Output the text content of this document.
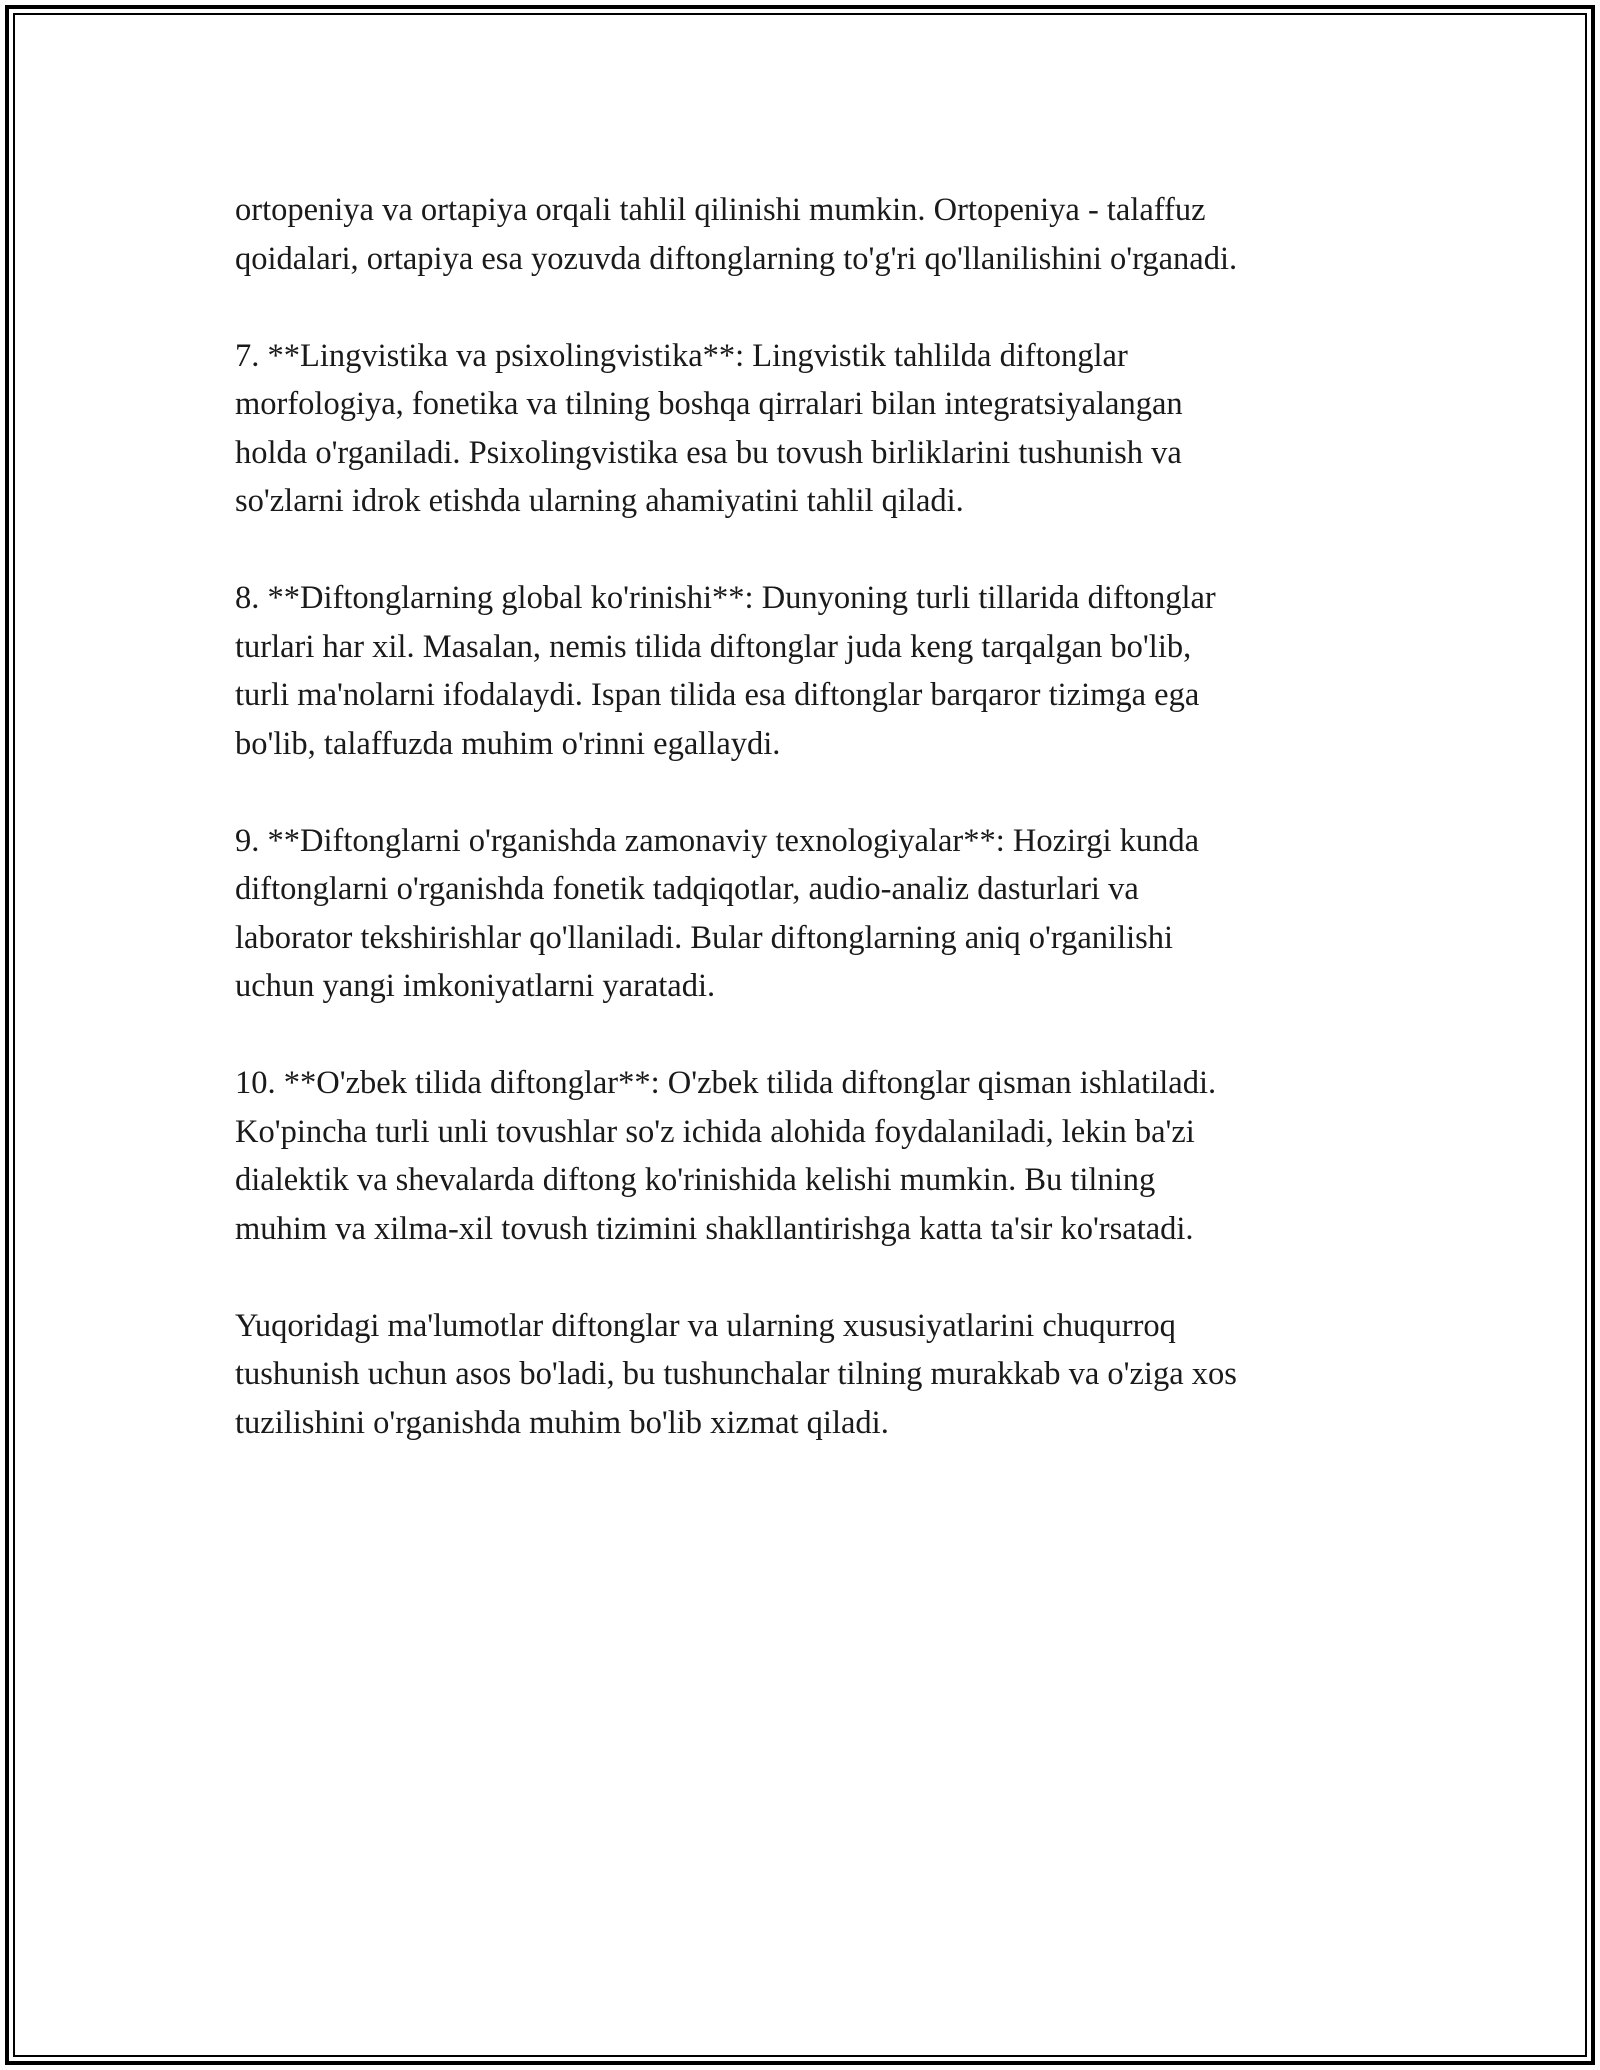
ortopeniya va ortapiya orqali tahlil qilinishi mumkin. Ortopeniya - talaffuz
qoidalari, ortapiya esa yozuvda diftonglarning to'g'ri qo'llanilishini o'rganadi.

7. **Lingvistika va psixolingvistika**: Lingvistik tahlilda diftonglar
morfologiya, fonetika va tilning boshqa qirralari bilan integratsiyalangan
holda o'rganiladi. Psixolingvistika esa bu tovush birliklarini tushunish va
so'zlarni idrok etishda ularning ahamiyatini tahlil qiladi.

8. **Diftonglarning global ko'rinishi**: Dunyoning turli tillarida diftonglar
turlari har xil. Masalan, nemis tilida diftonglar juda keng tarqalgan bo'lib,
turli ma'nolarni ifodalaydi. Ispan tilida esa diftonglar barqaror tizimga ega
bo'lib, talaffuzda muhim o'rinni egallaydi.

9. **Diftonglarni o'rganishda zamonaviy texnologiyalar**: Hozirgi kunda
diftonglarni o'rganishda fonetik tadqiqotlar, audio-analiz dasturlari va
laborator tekshirishlar qo'llaniladi. Bular diftonglarning aniq o'rganilishi
uchun yangi imkoniyatlarni yaratadi.

10. **O'zbek tilida diftonglar**: O'zbek tilida diftonglar qisman ishlatiladi.
Ko'pincha turli unli tovushlar so'z ichida alohida foydalaniladi, lekin ba'zi
dialektik va shevalarda diftong ko'rinishida kelishi mumkin. Bu tilning
muhim va xilma-xil tovush tizimini shakllantirishga katta ta'sir ko'rsatadi.

Yuqoridagi ma'lumotlar diftonglar va ularning xususiyatlarini chuqurroq
tushunish uchun asos bo'ladi, bu tushunchalar tilning murakkab va o'ziga xos
tuzilishini o'rganishda muhim bo'lib xizmat qiladi.
